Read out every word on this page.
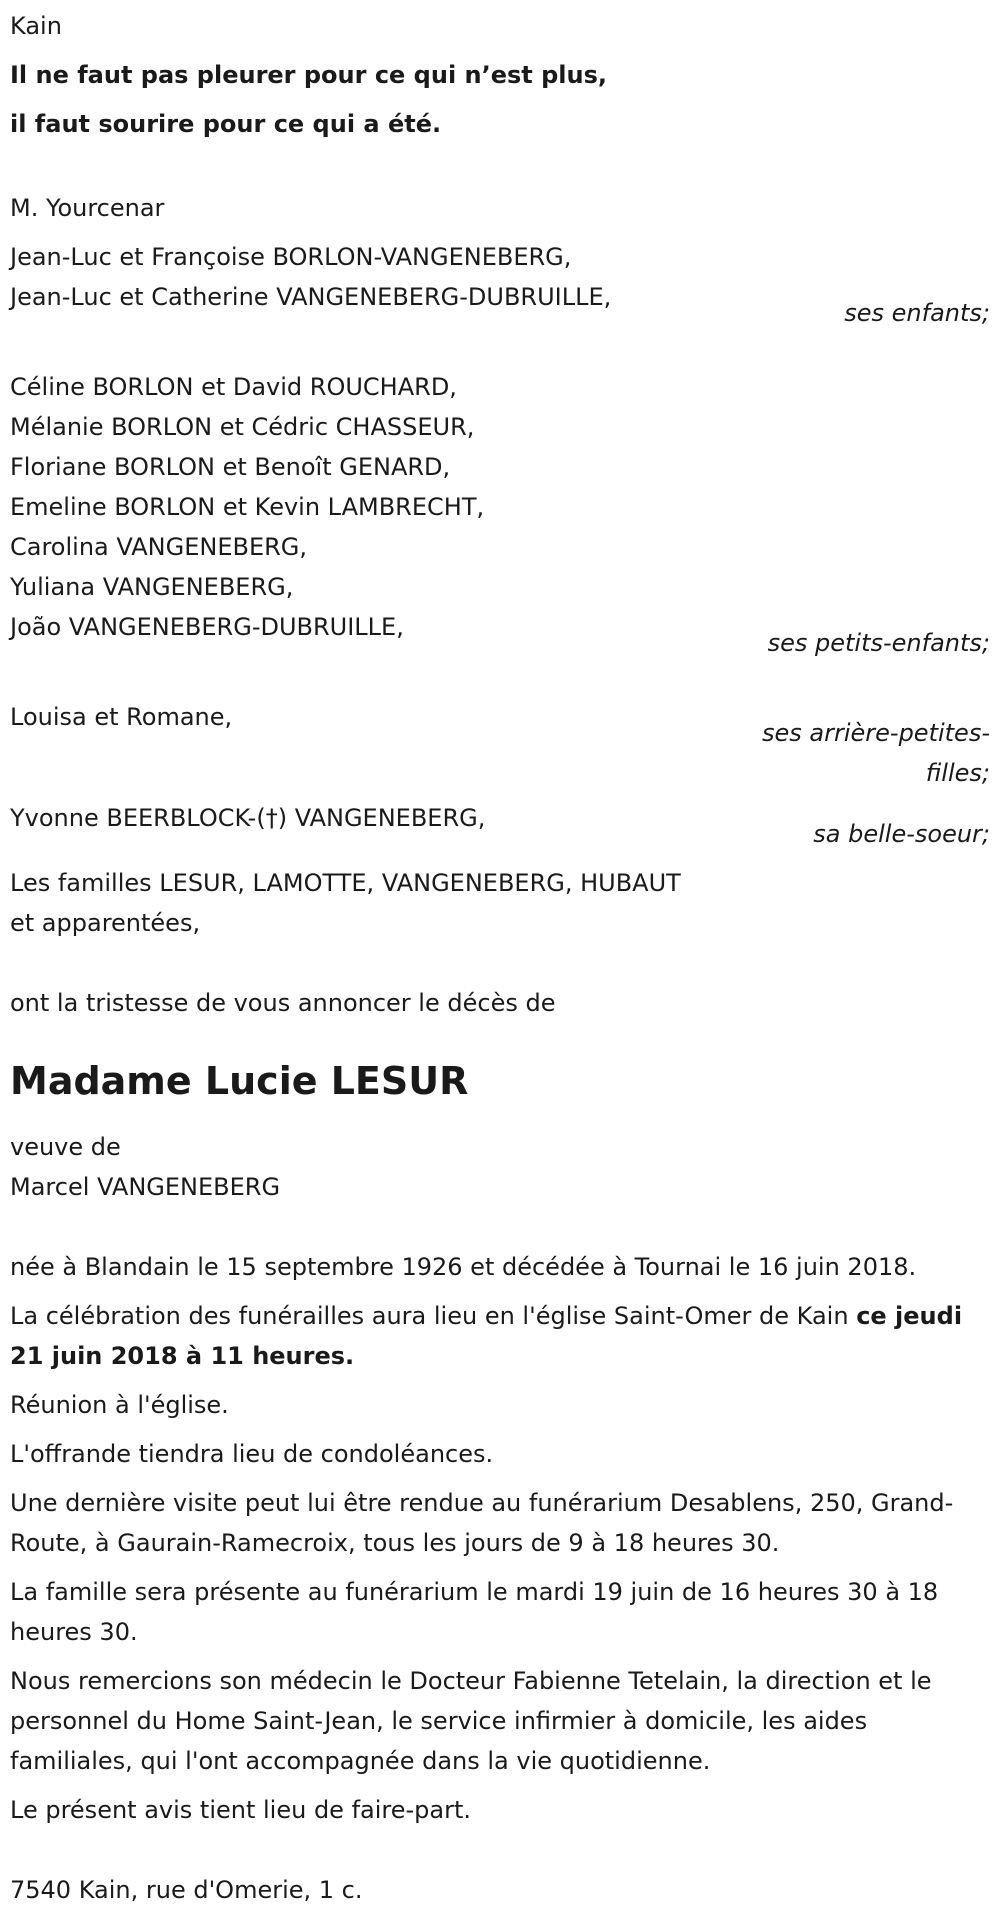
Kain

Il ne faut pas pleurer pour ce qui n’est plus,

il faut sourire pour ce qui a été.

M. Yourcenar

Jean-Luc et Françoise BORLON-VANGENEBERG,

Jean-Luc et Catherine VANGENEBERG-DUBRUILLE,

ses enfants;

Céline BORLON et David ROUCHARD,

Mélanie BORLON et Cédric CHASSEUR,

Floriane BORLON et Benoît GENARD,

Emeline BORLON et Kevin LAMBRECHT,

Carolina VANGENEBERG,

Yuliana VANGENEBERG,

João VANGENEBERG-DUBRUILLE,

ses petits-enfants;

Louisa et Romane,

ses arrière-petites-
filles;

Yvonne BEERBLOCK-(†) VANGENEBERG,

sa belle-soeur;

Les familles LESUR, LAMOTTE, VANGENEBERG, HUBAUT

et apparentées,

ont la tristesse de vous annoncer le décès de

Madame Lucie LESUR

veuve de

Marcel VANGENEBERG

née à Blandain le 15 septembre 1926 et décédée à Tournai le 16 juin 2018.

La célébration des funérailles aura lieu en l'église Saint-Omer de Kain ce jeudi 21 juin 2018 à 11 heures.

Réunion à l'église.

L'offrande tiendra lieu de condoléances.

Une dernière visite peut lui être rendue au funérarium Desablens, 250, Grand-Route, à Gaurain-Ramecroix, tous les jours de 9 à 18 heures 30.

La famille sera présente au funérarium le mardi 19 juin de 16 heures 30 à 18 heures 30.

Nous remercions son médecin le Docteur Fabienne Tetelain, la direction et le personnel du Home Saint-Jean, le service infirmier à domicile, les aides familiales, qui l'ont accompagnée dans la vie quotidienne.

Le présent avis tient lieu de faire-part.

7540 Kain, rue d'Omerie, 1 c.
